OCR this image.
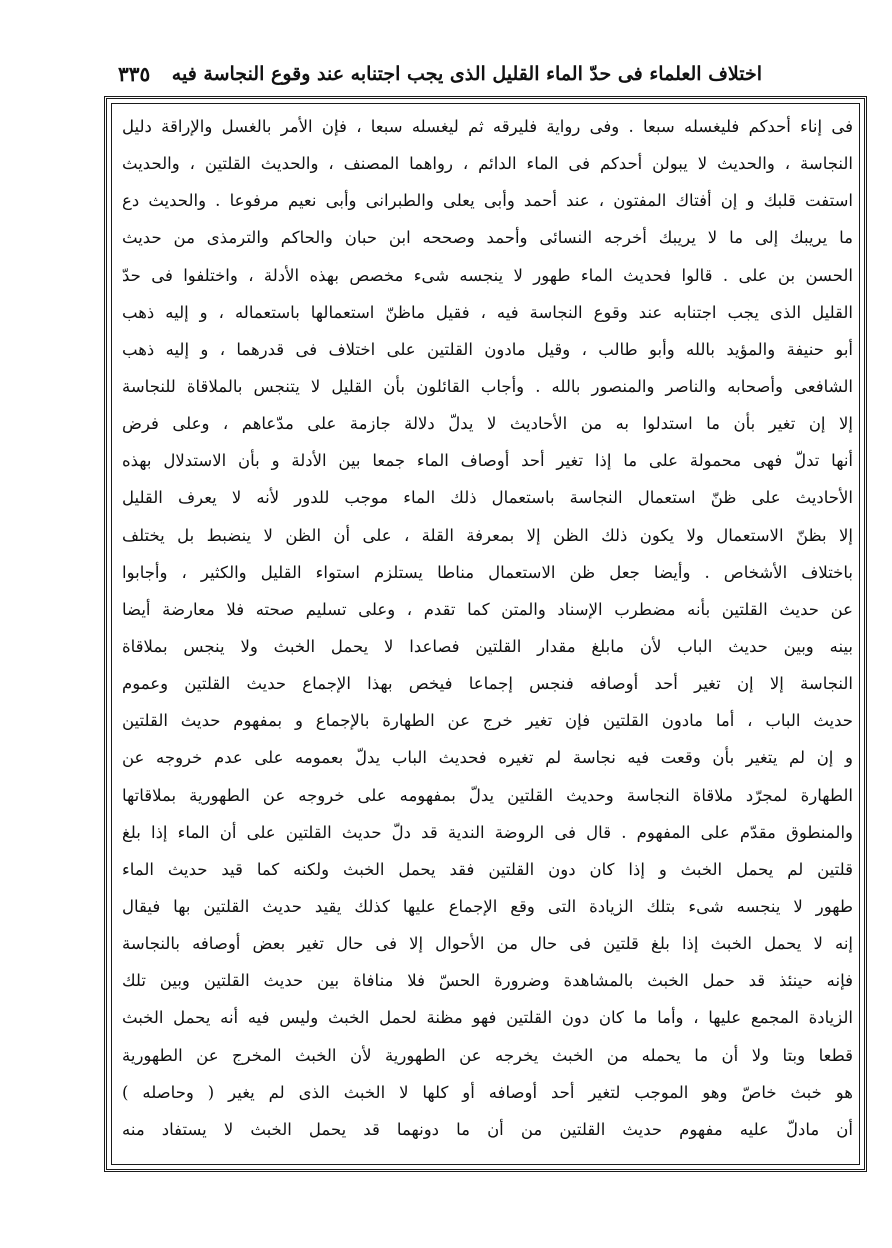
اختلاف العلماء فى حدّ الماء القليل الذى يجب اجتنابه عند وقوع النجاسة فيه
٣٣٥
فى إناء أحدكم فليغسله سبعا . وفى رواية فليرقه ثم ليغسله سبعا ، فإن الأمر بالغسل والإراقة دليل
النجاسة ، والحديث لا يبولن أحدكم فى الماء الدائم ، رواهما المصنف ، والحديث القلتين ، والحديث
استفت قلبك و إن أفتاك المفتون ، عند أحمد وأبى يعلى والطبرانى وأبى نعيم مرفوعا . والحديث دع
ما يريبك إلى ما لا يريبك أخرجه النسائى وأحمد وصححه ابن حبان والحاكم والترمذى من حديث
الحسن بن على . قالوا فحديث الماء طهور لا ينجسه شىء مخصص بهذه الأدلة ، واختلفوا فى حدّ
القليل الذى يجب اجتنابه عند وقوع النجاسة فيه ، فقيل ماظنّ استعمالها باستعماله ، و إليه ذهب
أبو حنيفة والمؤيد بالله وأبو طالب ، وقيل مادون القلتين على اختلاف فى قدرهما ، و إليه ذهب
الشافعى وأصحابه والناصر والمنصور بالله . وأجاب القائلون بأن القليل لا يتنجس بالملاقاة للنجاسة
إلا إن تغير بأن ما استدلوا به من الأحاديث لا يدلّ دلالة جازمة على مدّعاهم ، وعلى فرض
أنها تدلّ فهى محمولة على ما إذا تغير أحد أوصاف الماء جمعا بين الأدلة و بأن الاستدلال بهذه
الأحاديث على ظنّ استعمال النجاسة باستعمال ذلك الماء موجب للدور لأنه لا يعرف القليل
إلا بظنّ الاستعمال ولا يكون ذلك الظن إلا بمعرفة القلة ، على أن الظن لا ينضبط بل يختلف
باختلاف الأشخاص . وأيضا جعل ظن الاستعمال مناطا يستلزم استواء القليل والكثير ، وأجابوا
عن حديث القلتين بأنه مضطرب الإسناد والمتن كما تقدم ، وعلى تسليم صحته فلا معارضة أيضا
بينه وبين حديث الباب لأن مابلغ مقدار القلتين فصاعدا لا يحمل الخبث ولا ينجس بملاقاة
النجاسة إلا إن تغير أحد أوصافه فنجس إجماعا فيخص بهذا الإجماع حديث القلتين وعموم
حديث الباب ، أما مادون القلتين فإن تغير خرج عن الطهارة بالإجماع و بمفهوم حديث القلتين
و إن لم يتغير بأن وقعت فيه نجاسة لم تغيره فحديث الباب يدلّ بعمومه على عدم خروجه عن
الطهارة لمجرّد ملاقاة النجاسة وحديث القلتين يدلّ بمفهومه على خروجه عن الطهورية بملاقاتها
والمنطوق مقدّم على المفهوم . قال فى الروضة الندية قد دلّ حديث القلتين على أن الماء إذا بلغ
قلتين لم يحمل الخبث و إذا كان دون القلتين فقد يحمل الخبث ولكنه كما قيد حديث الماء
طهور لا ينجسه شىء بتلك الزيادة التى وقع الإجماع عليها كذلك يقيد حديث القلتين بها فيقال
إنه لا يحمل الخبث إذا بلغ قلتين فى حال من الأحوال إلا فى حال تغير بعض أوصافه بالنجاسة
فإنه حينئذ قد حمل الخبث بالمشاهدة وضرورة الحسّ فلا منافاة بين حديث القلتين وبين تلك
الزيادة المجمع عليها ، وأما ما كان دون القلتين فهو مظنة لحمل الخبث وليس فيه أنه يحمل الخبث
قطعا وبتا ولا أن ما يحمله من الخبث يخرجه عن الطهورية لأن الخبث المخرج عن الطهورية
هو خبث خاصّ وهو الموجب لتغير أحد أوصافه أو كلها لا الخبث الذى لم يغير ( وحاصله )
أن مادلّ عليه مفهوم حديث القلتين من أن ما دونهما قد يحمل الخبث لا يستفاد منه
